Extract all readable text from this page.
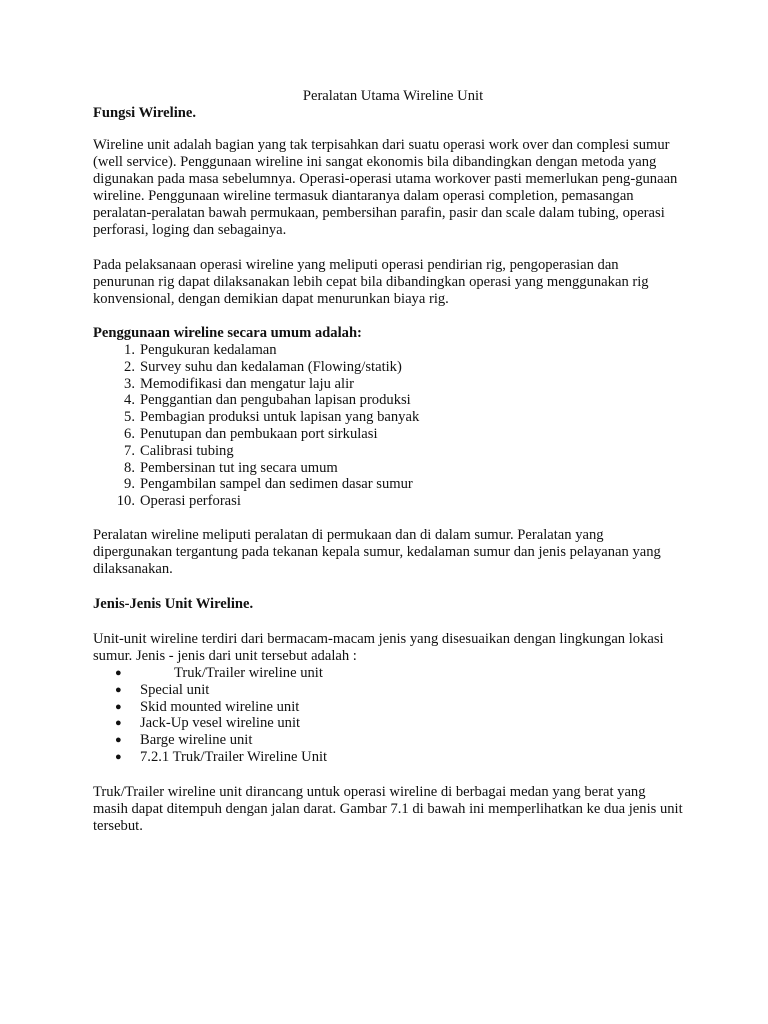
Peralatan Utama Wireline Unit

Fungsi Wireline.

Wireline unit adalah bagian yang tak terpisahkan dari suatu operasi work over dan complesi sumur (well service). Penggunaan wireline ini sangat ekonomis bila dibandingkan dengan metoda yang digunakan pada masa sebelumnya. Operasi-operasi utama workover pasti memerlukan peng-gunaan wireline. Penggunaan wireline termasuk diantaranya dalam operasi completion, pemasangan peralatan-peralatan bawah permukaan, pembersihan parafin, pasir dan scale dalam tubing, operasi perforasi, loging dan sebagainya.

Pada pelaksanaan operasi wireline yang meliputi operasi pendirian rig, pengoperasian dan penurunan rig dapat dilaksanakan lebih cepat bila dibandingkan operasi yang menggunakan rig konvensional, dengan demikian dapat menurunkan biaya rig.

Penggunaan wireline secara umum adalah:

1. Pengukuran kedalaman
2. Survey suhu dan kedalaman (Flowing/statik)
3. Memodifikasi dan mengatur laju alir
4. Penggantian dan pengubahan lapisan produksi
5. Pembagian produksi untuk lapisan yang banyak
6. Penutupan dan pembukaan port sirkulasi
7. Calibrasi tubing
8. Pembersinan tut ing secara umum
9. Pengambilan sampel dan sedimen dasar sumur
10. Operasi perforasi

Peralatan wireline meliputi peralatan di permukaan dan di dalam sumur. Peralatan yang dipergunakan tergantung pada tekanan kepala sumur, kedalaman sumur dan jenis pelayanan yang dilaksanakan.

Jenis-Jenis Unit Wireline.

Unit-unit wireline terdiri dari bermacam-macam jenis yang disesuaikan dengan lingkungan lokasi sumur. Jenis - jenis dari unit tersebut adalah :

●	Truk/Trailer wireline unit
● Special unit
● Skid mounted wireline unit
● Jack-Up vesel wireline unit
● Barge wireline unit
● 7.2.1 Truk/Trailer Wireline Unit

Truk/Trailer wireline unit dirancang untuk operasi wireline di berbagai medan yang berat yang masih dapat ditempuh dengan jalan darat. Gambar 7.1 di bawah ini memperlihatkan ke dua jenis unit tersebut.
